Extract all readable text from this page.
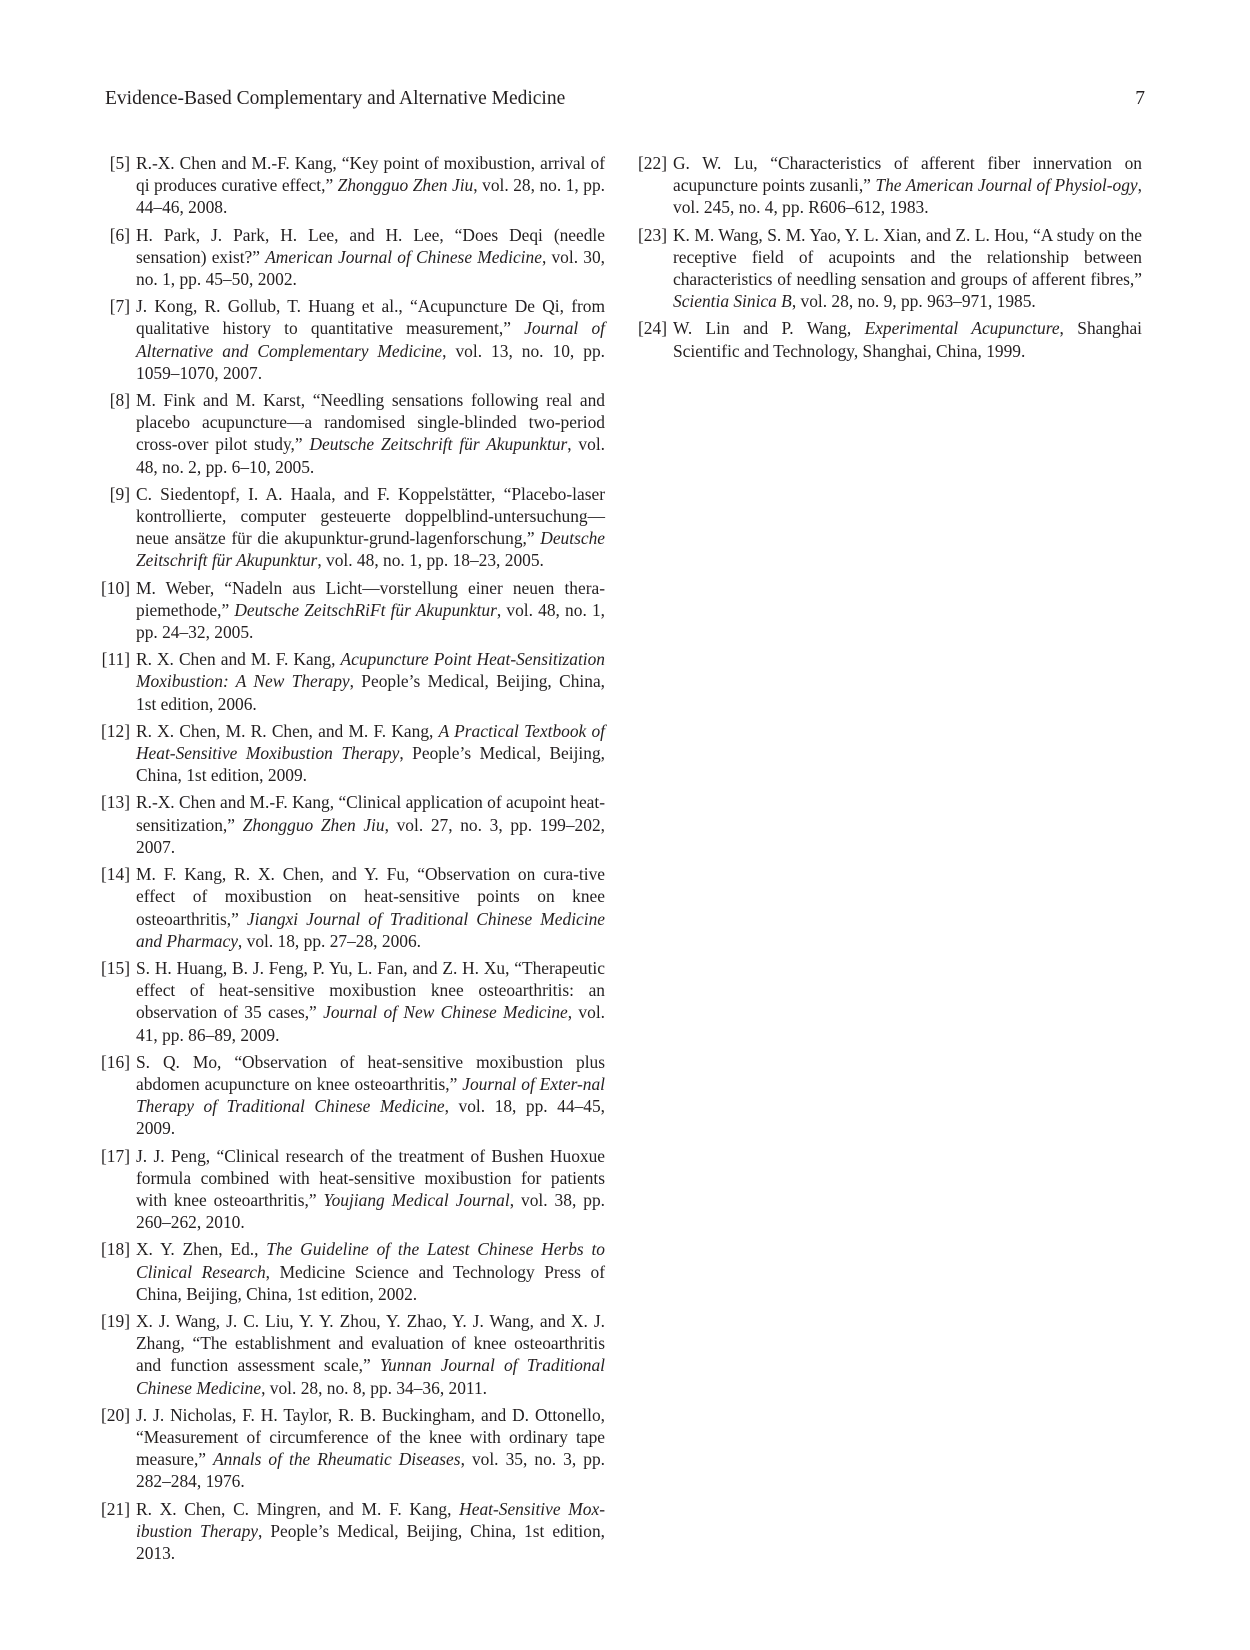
Evidence-Based Complementary and Alternative Medicine	7
[5] R.-X. Chen and M.-F. Kang, “Key point of moxibustion, arrival of qi produces curative effect,” Zhongguo Zhen Jiu, vol. 28, no. 1, pp. 44–46, 2008.
[6] H. Park, J. Park, H. Lee, and H. Lee, “Does Deqi (needle sensation) exist?” American Journal of Chinese Medicine, vol. 30, no. 1, pp. 45–50, 2002.
[7] J. Kong, R. Gollub, T. Huang et al., “Acupuncture De Qi, from qualitative history to quantitative measurement,” Journal of Alternative and Complementary Medicine, vol. 13, no. 10, pp. 1059–1070, 2007.
[8] M. Fink and M. Karst, “Needling sensations following real and placebo acupuncture—a randomised single-blinded two-period cross-over pilot study,” Deutsche Zeitschrift für Akupunktur, vol. 48, no. 2, pp. 6–10, 2005.
[9] C. Siedentopf, I. A. Haala, and F. Koppelstätter, “Placebo-laser kontrollierte, computer gesteuerte doppelblind-untersuchung—neue ansätze für die akupunktur-grund-lagenforschung,” Deutsche Zeitschrift für Akupunktur, vol. 48, no. 1, pp. 18–23, 2005.
[10] M. Weber, “Nadeln aus Licht—vorstellung einer neuen thera-piemethode,” Deutsche ZeitschRiFt für Akupunktur, vol. 48, no. 1, pp. 24–32, 2005.
[11] R. X. Chen and M. F. Kang, Acupuncture Point Heat-Sensitization Moxibustion: A New Therapy, People’s Medical, Beijing, China, 1st edition, 2006.
[12] R. X. Chen, M. R. Chen, and M. F. Kang, A Practical Textbook of Heat-Sensitive Moxibustion Therapy, People’s Medical, Beijing, China, 1st edition, 2009.
[13] R.-X. Chen and M.-F. Kang, “Clinical application of acupoint heat-sensitization,” Zhongguo Zhen Jiu, vol. 27, no. 3, pp. 199–202, 2007.
[14] M. F. Kang, R. X. Chen, and Y. Fu, “Observation on cura-tive effect of moxibustion on heat-sensitive points on knee osteoarthritis,” Jiangxi Journal of Traditional Chinese Medicine and Pharmacy, vol. 18, pp. 27–28, 2006.
[15] S. H. Huang, B. J. Feng, P. Yu, L. Fan, and Z. H. Xu, “Therapeutic effect of heat-sensitive moxibustion knee osteoarthritis: an observation of 35 cases,” Journal of New Chinese Medicine, vol. 41, pp. 86–89, 2009.
[16] S. Q. Mo, “Observation of heat-sensitive moxibustion plus abdomen acupuncture on knee osteoarthritis,” Journal of Exter-nal Therapy of Traditional Chinese Medicine, vol. 18, pp. 44–45, 2009.
[17] J. J. Peng, “Clinical research of the treatment of Bushen Huoxue formula combined with heat-sensitive moxibustion for patients with knee osteoarthritis,” Youjiang Medical Journal, vol. 38, pp. 260–262, 2010.
[18] X. Y. Zhen, Ed., The Guideline of the Latest Chinese Herbs to Clinical Research, Medicine Science and Technology Press of China, Beijing, China, 1st edition, 2002.
[19] X. J. Wang, J. C. Liu, Y. Y. Zhou, Y. Zhao, Y. J. Wang, and X. J. Zhang, “The establishment and evaluation of knee osteoarthritis and function assessment scale,” Yunnan Journal of Traditional Chinese Medicine, vol. 28, no. 8, pp. 34–36, 2011.
[20] J. J. Nicholas, F. H. Taylor, R. B. Buckingham, and D. Ottonello, “Measurement of circumference of the knee with ordinary tape measure,” Annals of the Rheumatic Diseases, vol. 35, no. 3, pp. 282–284, 1976.
[21] R. X. Chen, C. Mingren, and M. F. Kang, Heat-Sensitive Mox-ibustion Therapy, People’s Medical, Beijing, China, 1st edition, 2013.
[22] G. W. Lu, “Characteristics of afferent fiber innervation on acupuncture points zusanli,” The American Journal of Physiol-ogy, vol. 245, no. 4, pp. R606–612, 1983.
[23] K. M. Wang, S. M. Yao, Y. L. Xian, and Z. L. Hou, “A study on the receptive field of acupoints and the relationship between characteristics of needling sensation and groups of afferent fibres,” Scientia Sinica B, vol. 28, no. 9, pp. 963–971, 1985.
[24] W. Lin and P. Wang, Experimental Acupuncture, Shanghai Scientific and Technology, Shanghai, China, 1999.
